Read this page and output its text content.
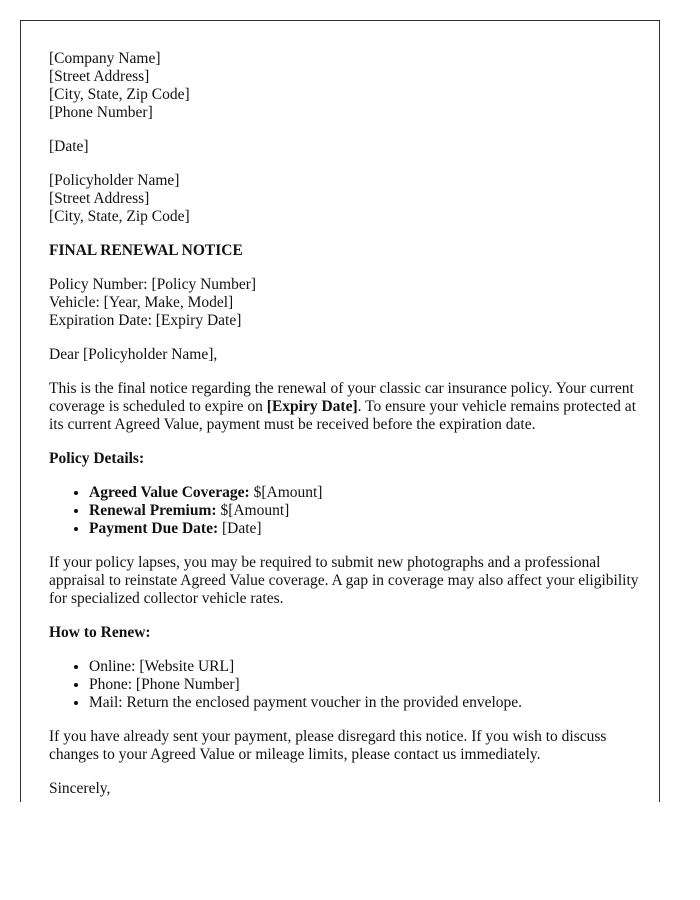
[Company Name]
[Street Address]
[City, State, Zip Code]
[Phone Number]
[Date]
[Policyholder Name]
[Street Address]
[City, State, Zip Code]
FINAL RENEWAL NOTICE
Policy Number: [Policy Number]
Vehicle: [Year, Make, Model]
Expiration Date: [Expiry Date]

Dear [Policyholder Name],

This is the final notice regarding the renewal of your classic car insurance policy. Your current coverage is scheduled to expire on [Expiry Date]. To ensure your vehicle remains protected at its current Agreed Value, payment must be received before the expiration date.

Policy Details:

• Agreed Value Coverage: $[Amount]
• Renewal Premium: $[Amount]
• Payment Due Date: [Date]

If your policy lapses, you may be required to submit new photographs and a professional appraisal to reinstate Agreed Value coverage. A gap in coverage may also affect your eligibility for specialized collector vehicle rates.

How to Renew:

• Online: [Website URL]
• Phone: [Phone Number]
• Mail: Return the enclosed payment voucher in the provided envelope.

If you have already sent your payment, please disregard this notice. If you wish to discuss changes to your Agreed Value or mileage limits, please contact us immediately.

Sincerely,
